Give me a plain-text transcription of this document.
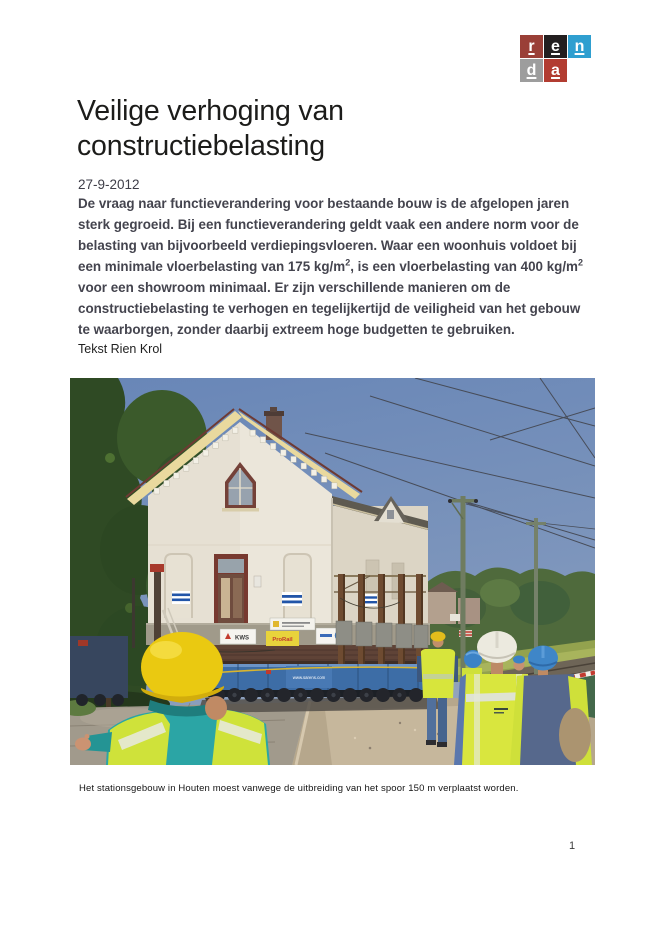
r	e n
d a
Veilige verhoging van constructiebelasting
27-9-2012

De vraag naar functieverandering voor bestaande bouw is de afgelopen jaren sterk gegroeid. Bij een functieverandering geldt vaak een andere norm voor de belasting van bijvoorbeeld verdiepingsvloeren. Waar een woonhuis voldoet bij een minimale vloerbelasting van 175 $kg/m^2$, is een vloerbelasting van 400 $kg/m^2$ voor een showroom minimaal. Er zijn verschillende manieren om de constructiebelasting te verhogen en tegelijkertijd de veiligheid van het gebouw te waarborgen, zonder daarbij extreem hoge budgetten te gebruiken.

Tekst Rien Krol
KWS	ProRail
www.sarens.com
Het stationsgebouw in Houten moest vanwege de uitbreiding van het spoor 150 m verplaatst worden.
1
